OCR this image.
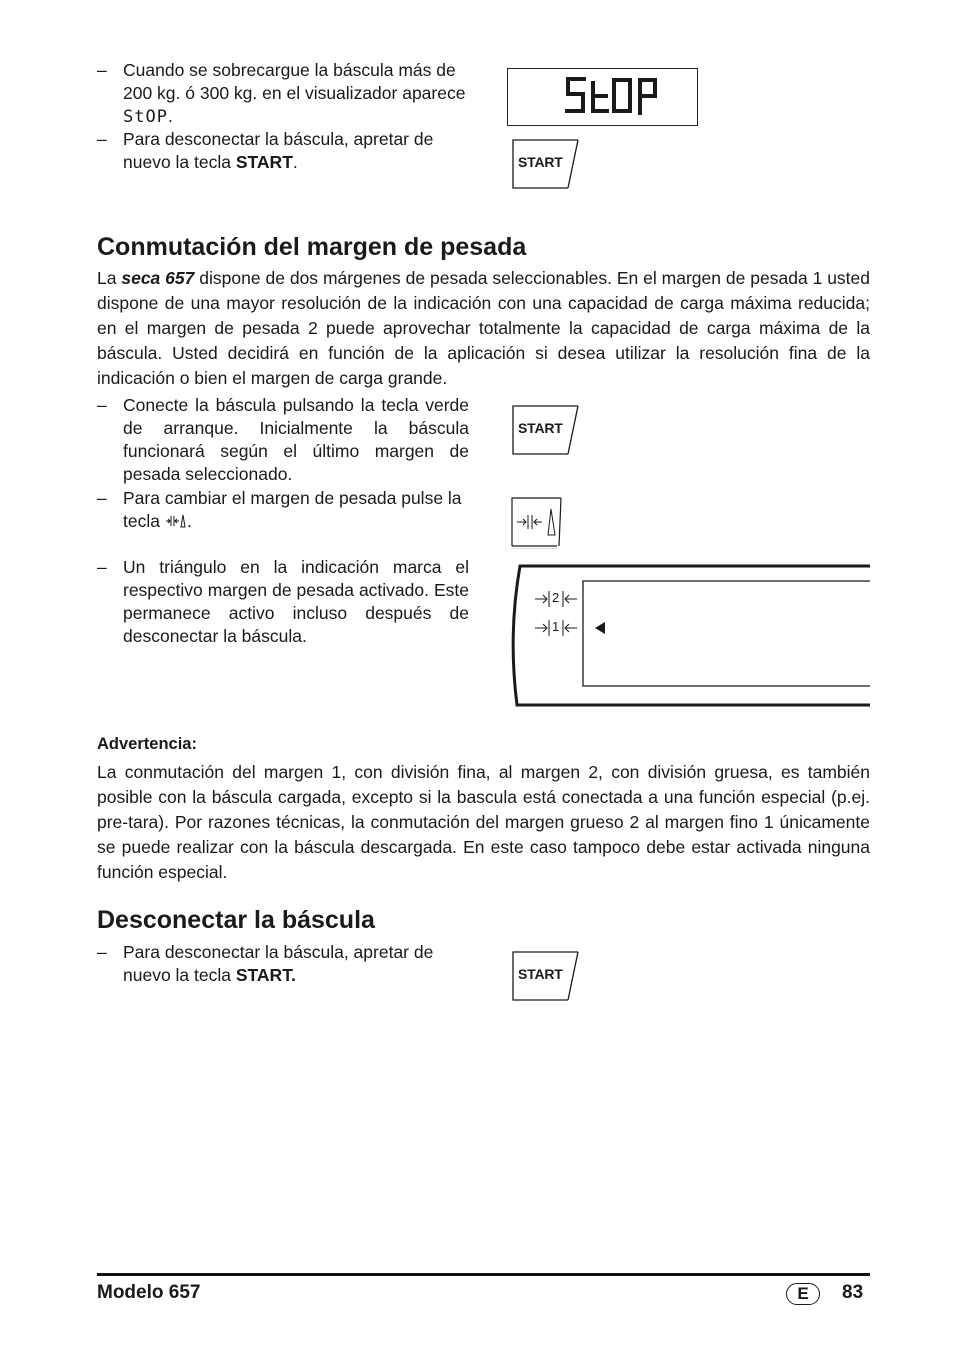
– Cuando se sobrecargue la báscula más de 200 kg. ó 300 kg. en el visualizador aparece StOP.
– Para desconectar la báscula, apretar de nuevo la tecla START.	START
Conmutación del margen de pesada
La seca 657 dispone de dos márgenes de pesada seleccionables. En el margen de pesada 1 usted dispone de una mayor resolución de la indicación con una capacidad de carga máxima reducida; en el margen de pesada 2 puede aprovechar totalmente la capacidad de carga máxima de la báscula. Usted decidirá en función de la aplicación si desea utilizar la resolución fina de la indicación o bien el margen de carga grande.
– Conecte la báscula pulsando la tecla verde de arranque. Inicialmente la báscula funcionará según el último margen de pesada seleccionado.
– Para cambiar el margen de pesada pulse la tecla .
– Un triángulo en la indicación marca el respectivo margen de pesada activado. Este permanece activo incluso después de desconectar la báscula.
START
2
1
Advertencia:
La conmutación del margen 1, con división fina, al margen 2, con división gruesa, es también posible con la báscula cargada, excepto si la bascula está conectada a una función especial (p.ej. pre-tara). Por razones técnicas, la conmutación del margen grueso 2 al margen fino 1 únicamente se puede realizar con la báscula descargada. En este caso tampoco debe estar activada ninguna función especial.
Desconectar la báscula
– Para desconectar la báscula, apretar de nuevo la tecla START.	START
Modelo 657	E	83
